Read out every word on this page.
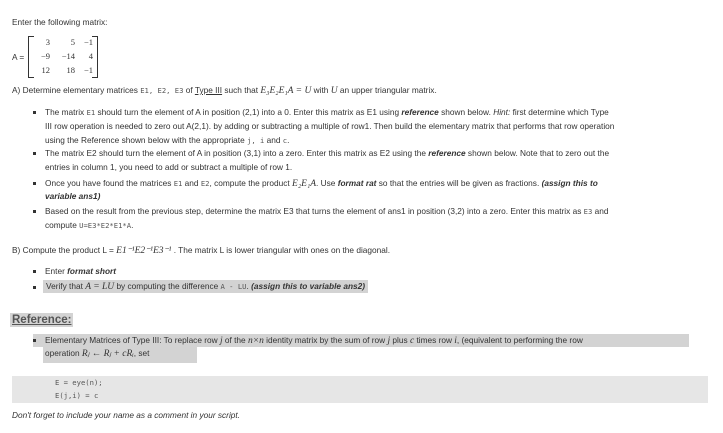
Enter the following matrix:
A =
3	5	−1
−9	−14	4
12	18	−1
A) Determine elementary matrices E1, E2, E3 of Type III such that E₃E₂E₁A = U with U an upper triangular matrix.
The matrix E1 should turn the element of A in position (2,1) into a 0. Enter this matrix as E1 using reference shown below. Hint: first determine which Type
III row operation is needed to zero out A(2,1). by adding or subtracting a multiple of row1. Then build the elementary matrix that performs that row operation
using the Reference shown below with the appropriate j, i and c.
The matrix E2 should turn the element of A in position (3,1) into a zero. Enter this matrix as E2 using the reference shown below. Note that to zero out the
entries in column 1, you need to add or subtract a multiple of row 1.
Once you have found the matrices E1 and E2, compute the product E₂E₁A. Use format rat so that the entries will be given as fractions. (assign this to
variable ans1)
Based on the result from the previous step, determine the matrix E3 that turns the element of ans1 in position (3,2) into a zero. Enter this matrix as E3 and
compute U=E3*E2*E1*A.
B) Compute the product L = E1⁻¹E2⁻¹E3⁻¹ . The matrix L is lower triangular with ones on the diagonal.
Enter format short
Verify that A = LU by computing the difference A - LU. (assign this to variable ans2)
Reference:
Elementary Matrices of Type III: To replace row j of the n×n identity matrix by the sum of row j plus c times row i, (equivalent to performing the row
operation Rⱼ ← Rⱼ + cRᵢ, set
E = eye(n);
E(j,i) = c
Don't forget to include your name as a comment in your script.
